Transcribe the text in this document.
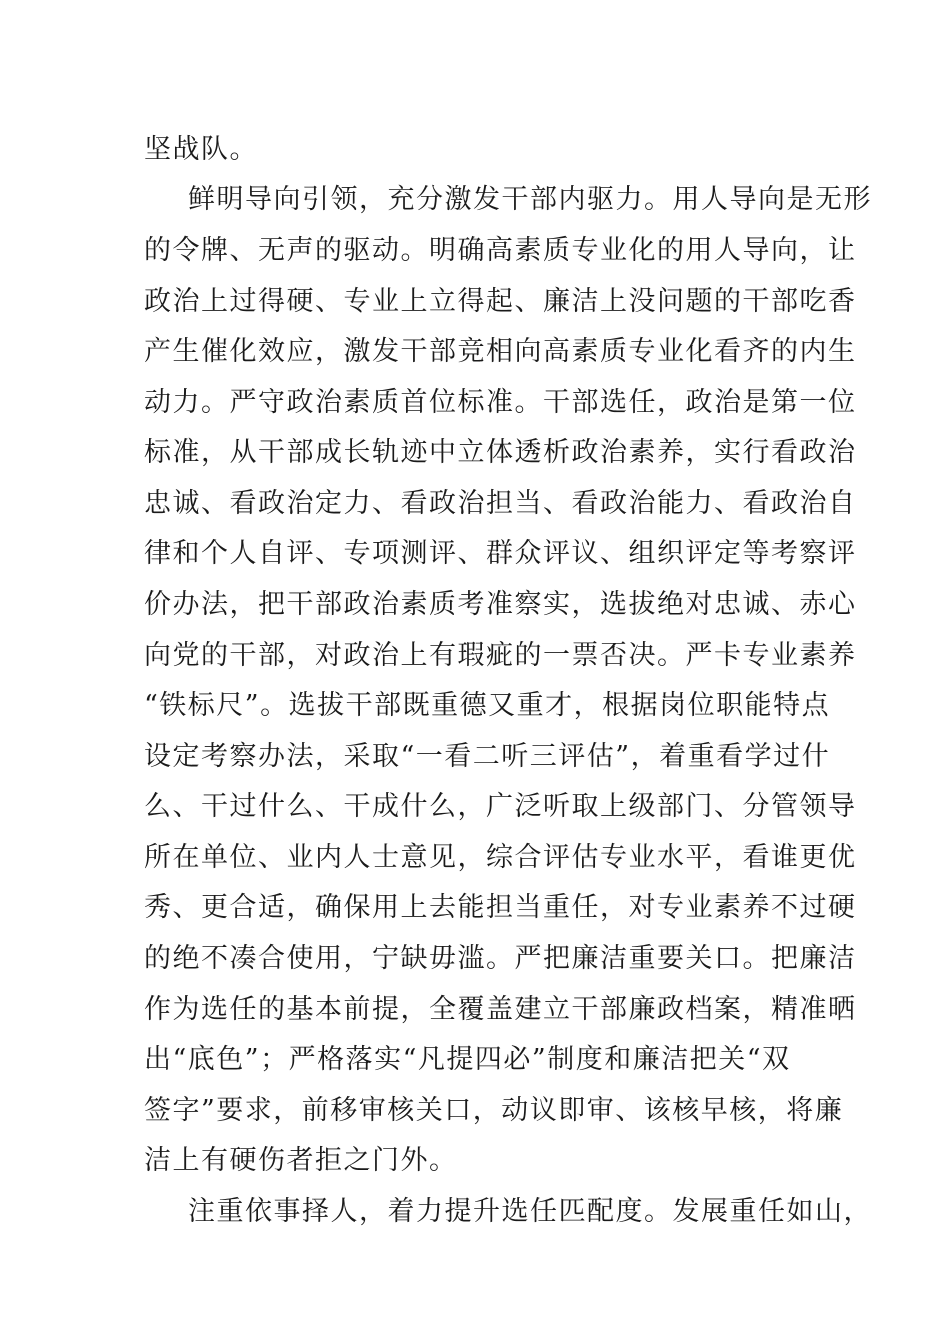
坚战队。
鲜明导向引领，充分激发干部内驱力。用人导向是无形
的令牌、无声的驱动。明确高素质专业化的用人导向，让
政治上过得硬、专业上立得起、廉洁上没问题的干部吃香
产生催化效应，激发干部竞相向高素质专业化看齐的内生
动力。严守政治素质首位标准。干部选任，政治是第一位
标准，从干部成长轨迹中立体透析政治素养，实行看政治
忠诚、看政治定力、看政治担当、看政治能力、看政治自
律和个人自评、专项测评、群众评议、组织评定等考察评
价办法，把干部政治素质考准察实，选拔绝对忠诚、赤心
向党的干部，对政治上有瑕疵的一票否决。严卡专业素养
“铁标尺”。选拔干部既重德又重才，根据岗位职能特点
设定考察办法，采取“一看二听三评估”，着重看学过什
么、干过什么、干成什么，广泛听取上级部门、分管领导
所在单位、业内人士意见，综合评估专业水平，看谁更优
秀、更合适，确保用上去能担当重任，对专业素养不过硬
的绝不凑合使用，宁缺毋滥。严把廉洁重要关口。把廉洁
作为选任的基本前提，全覆盖建立干部廉政档案，精准晒
出“底色”；严格落实“凡提四必”制度和廉洁把关“双
签字”要求，前移审核关口，动议即审、该核早核，将廉
洁上有硬伤者拒之门外。
注重依事择人，着力提升选任匹配度。发展重任如山，
